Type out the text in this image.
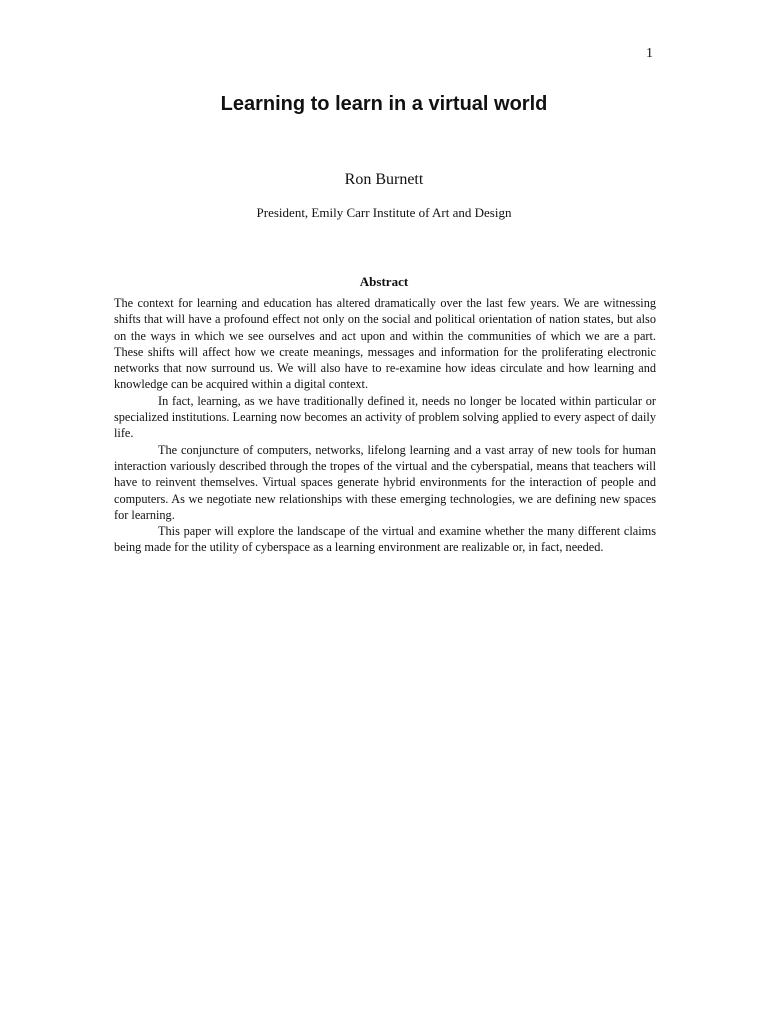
1
Learning to learn in a virtual world
Ron Burnett
President, Emily Carr Institute of Art and Design
Abstract

The context for learning and education has altered dramatically over the last few years. We are witnessing shifts that will have a profound effect not only on the social and political orientation of nation states, but also on the ways in which we see ourselves and act upon and within the communities of which we are a part. These shifts will affect how we create meanings, messages and information for the proliferating electronic networks that now surround us. We will also have to re-examine how ideas circulate and how learning and knowledge can be acquired within a digital context.

In fact, learning, as we have traditionally defined it, needs no longer be located within particular or specialized institutions. Learning now becomes an activity of problem solving applied to every aspect of daily life.

The conjuncture of computers, networks, lifelong learning and a vast array of new tools for human interaction variously described through the tropes of the virtual and the cyberspatial, means that teachers will have to reinvent themselves. Virtual spaces generate hybrid environments for the interaction of people and computers. As we negotiate new relationships with these emerging technologies, we are defining new spaces for learning.

This paper will explore the landscape of the virtual and examine whether the many different claims being made for the utility of cyberspace as a learning environment are realizable or, in fact, needed.
